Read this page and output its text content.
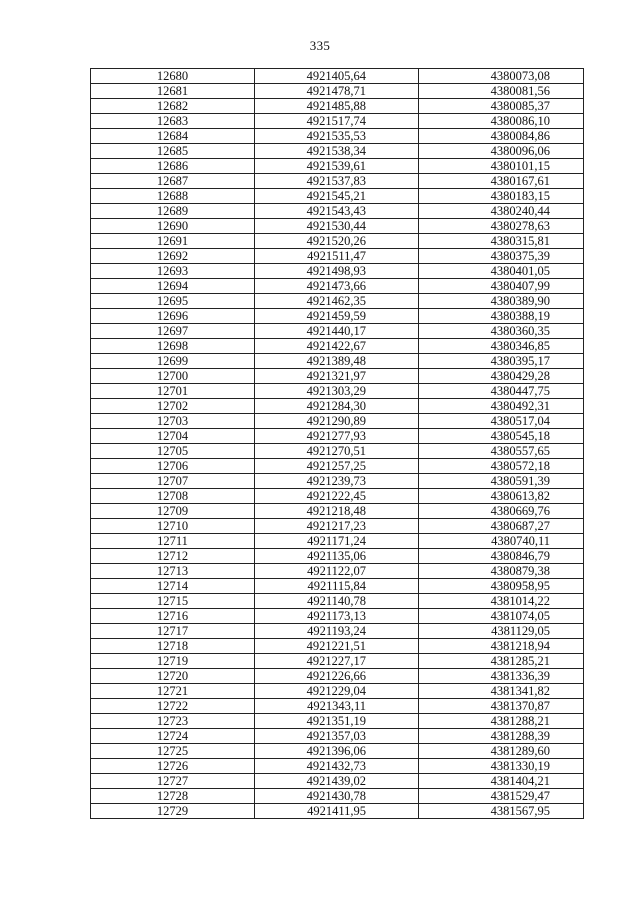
335
12680	4921405,64	4380073,08
12681	4921478,71	4380081,56
12682	4921485,88	4380085,37
12683	4921517,74	4380086,10
12684	4921535,53	4380084,86
12685	4921538,34	4380096,06
12686	4921539,61	4380101,15
12687	4921537,83	4380167,61
12688	4921545,21	4380183,15
12689	4921543,43	4380240,44
12690	4921530,44	4380278,63
12691	4921520,26	4380315,81
12692	4921511,47	4380375,39
12693	4921498,93	4380401,05
12694	4921473,66	4380407,99
12695	4921462,35	4380389,90
12696	4921459,59	4380388,19
12697	4921440,17	4380360,35
12698	4921422,67	4380346,85
12699	4921389,48	4380395,17
12700	4921321,97	4380429,28
12701	4921303,29	4380447,75
12702	4921284,30	4380492,31
12703	4921290,89	4380517,04
12704	4921277,93	4380545,18
12705	4921270,51	4380557,65
12706	4921257,25	4380572,18
12707	4921239,73	4380591,39
12708	4921222,45	4380613,82
12709	4921218,48	4380669,76
12710	4921217,23	4380687,27
12711	4921171,24	4380740,11
12712	4921135,06	4380846,79
12713	4921122,07	4380879,38
12714	4921115,84	4380958,95
12715	4921140,78	4381014,22
12716	4921173,13	4381074,05
12717	4921193,24	4381129,05
12718	4921221,51	4381218,94
12719	4921227,17	4381285,21
12720	4921226,66	4381336,39
12721	4921229,04	4381341,82
12722	4921343,11	4381370,87
12723	4921351,19	4381288,21
12724	4921357,03	4381288,39
12725	4921396,06	4381289,60
12726	4921432,73	4381330,19
12727	4921439,02	4381404,21
12728	4921430,78	4381529,47
12729	4921411,95	4381567,95
